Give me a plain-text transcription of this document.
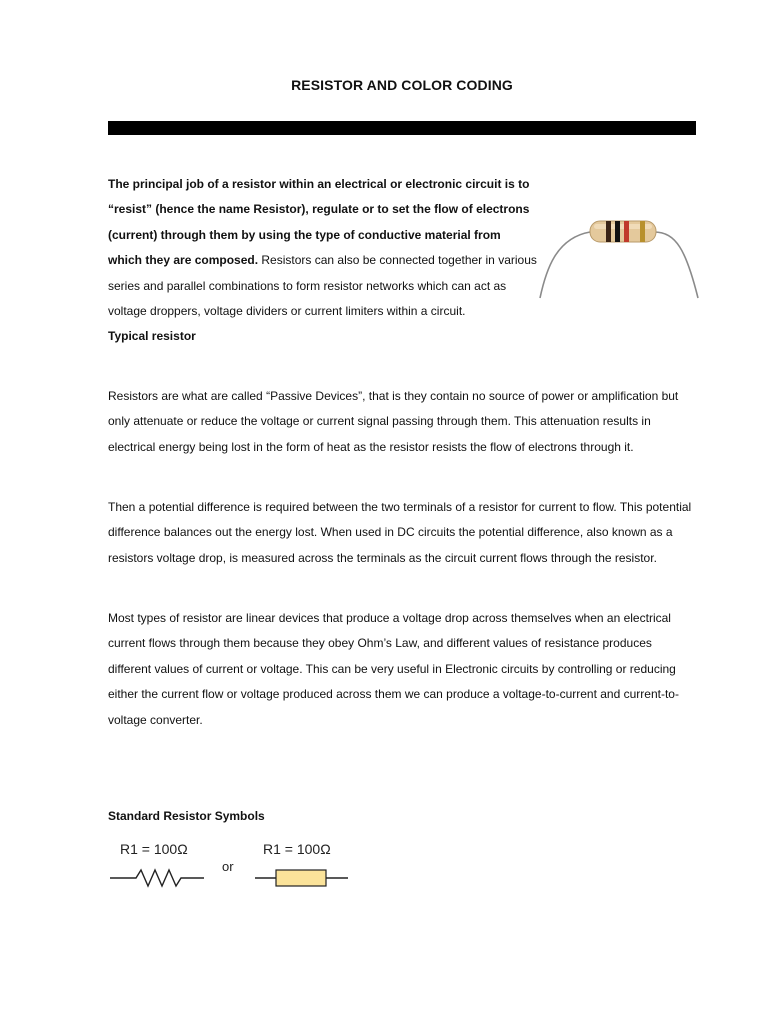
RESISTOR AND COLOR CODING
The principal job of a resistor within an electrical or electronic circuit is to “resist” (hence the name Resistor), regulate or to set the flow of electrons (current) through them by using the type of conductive material from which they are composed. Resistors can also be connected together in various series and parallel combinations to form resistor networks which can act as voltage droppers, voltage dividers or current limiters within a circuit.
Typical resistor
Resistors are what are called “Passive Devices”, that is they contain no source of power or amplification but only attenuate or reduce the voltage or current signal passing through them. This attenuation results in electrical energy being lost in the form of heat as the resistor resists the flow of electrons through it.
Then a potential difference is required between the two terminals of a resistor for current to flow. This potential difference balances out the energy lost. When used in DC circuits the potential difference, also known as a resistors voltage drop, is measured across the terminals as the circuit current flows through the resistor.
Most types of resistor are linear devices that produce a voltage drop across themselves when an electrical current flows through them because they obey Ohm’s Law, and different values of resistance produces different values of current or voltage. This can be very useful in Electronic circuits by controlling or reducing either the current flow or voltage produced across them we can produce a voltage-to-current and current-to-voltage converter.
Standard Resistor Symbols
R1 = 100Ω
or
R1 = 100Ω
